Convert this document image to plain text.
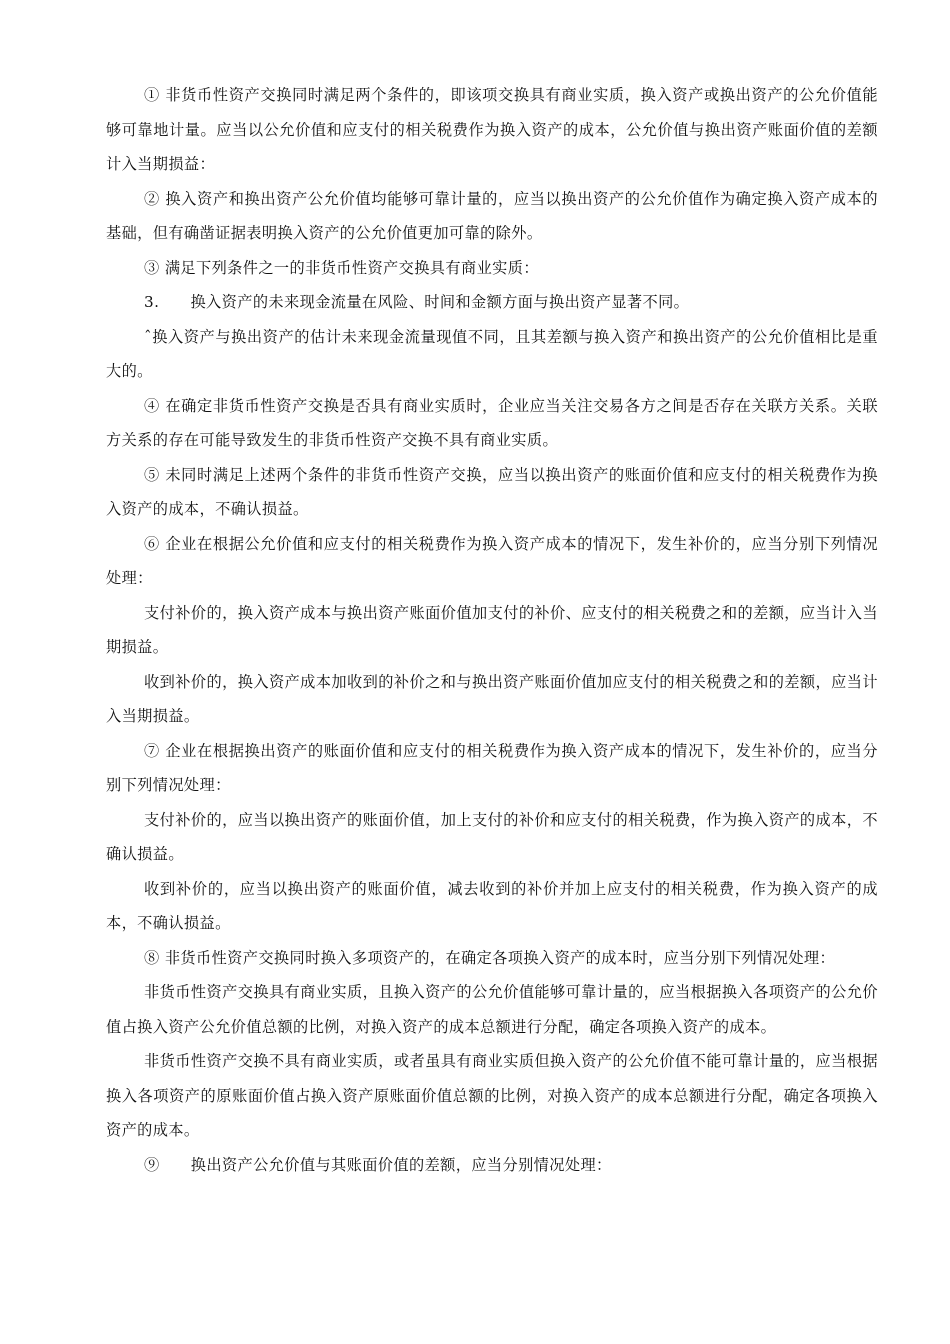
① 非货币性资产交换同时满足两个条件的，即该项交换具有商业实质，换入资产或换出资产的公允价值能够可靠地计量。应当以公允价值和应支付的相关税费作为换入资产的成本，公允价值与换出资产账面价值的差额计入当期损益：

② 换入资产和换出资产公允价值均能够可靠计量的，应当以换出资产的公允价值作为确定换入资产成本的基础，但有确凿证据表明换入资产的公允价值更加可靠的除外。

③ 满足下列条件之一的非货币性资产交换具有商业实质：

3.　　换入资产的未来现金流量在风险、时间和金额方面与换出资产显著不同。

ˆ换入资产与换出资产的估计未来现金流量现值不同，且其差额与换入资产和换出资产的公允价值相比是重大的。

④ 在确定非货币性资产交换是否具有商业实质时，企业应当关注交易各方之间是否存在关联方关系。关联方关系的存在可能导致发生的非货币性资产交换不具有商业实质。

⑤ 未同时满足上述两个条件的非货币性资产交换，应当以换出资产的账面价值和应支付的相关税费作为换入资产的成本，不确认损益。

⑥ 企业在根据公允价值和应支付的相关税费作为换入资产成本的情况下，发生补价的，应当分别下列情况处理：

支付补价的，换入资产成本与换出资产账面价值加支付的补价、应支付的相关税费之和的差额，应当计入当期损益。

收到补价的，换入资产成本加收到的补价之和与换出资产账面价值加应支付的相关税费之和的差额，应当计入当期损益。

⑦ 企业在根据换出资产的账面价值和应支付的相关税费作为换入资产成本的情况下，发生补价的，应当分别下列情况处理：

支付补价的，应当以换出资产的账面价值，加上支付的补价和应支付的相关税费，作为换入资产的成本，不确认损益。

收到补价的，应当以换出资产的账面价值，减去收到的补价并加上应支付的相关税费，作为换入资产的成本，不确认损益。

⑧ 非货币性资产交换同时换入多项资产的，在确定各项换入资产的成本时，应当分别下列情况处理：

非货币性资产交换具有商业实质，且换入资产的公允价值能够可靠计量的，应当根据换入各项资产的公允价值占换入资产公允价值总额的比例，对换入资产的成本总额进行分配，确定各项换入资产的成本。

非货币性资产交换不具有商业实质，或者虽具有商业实质但换入资产的公允价值不能可靠计量的，应当根据换入各项资产的原账面价值占换入资产原账面价值总额的比例，对换入资产的成本总额进行分配，确定各项换入资产的成本。

⑨　　换出资产公允价值与其账面价值的差额，应当分别情况处理：
